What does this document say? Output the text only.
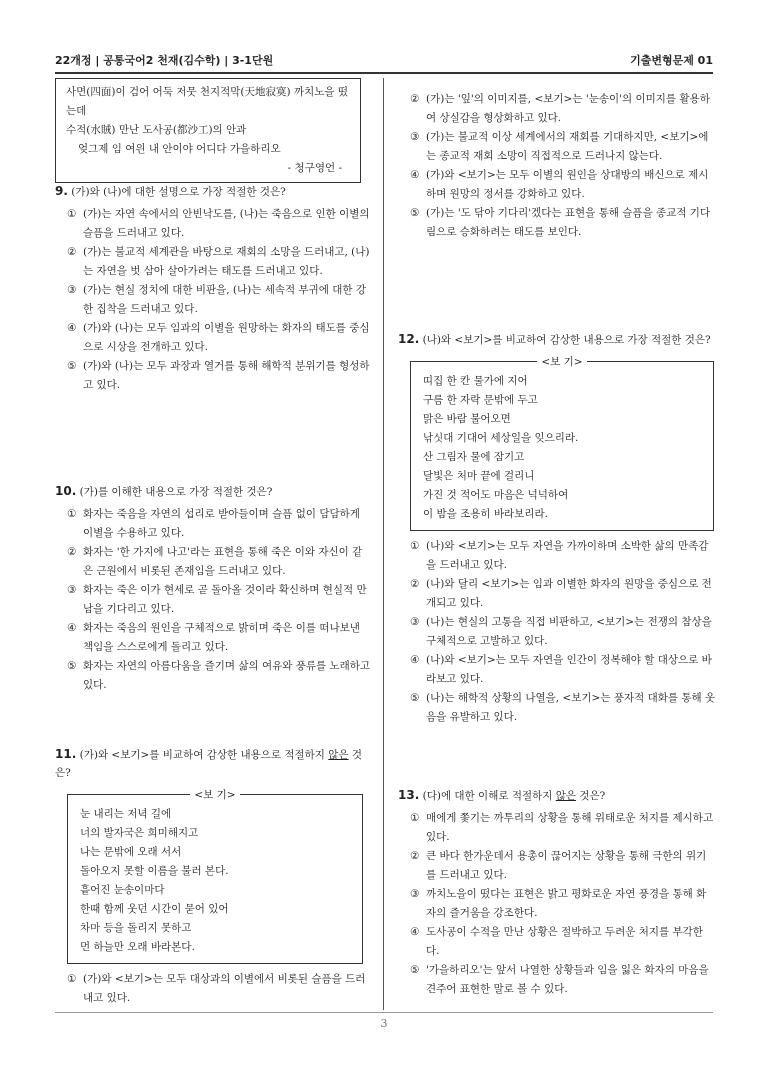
22개정 | 공통국어2 천재(김수학) | 3-1단원	기출변형문제 01
사면(四面)이 검어 어둑 저뭇 천지적막(天地寂寞) 까치노을 떴는데
수적(水賊) 만난 도사공(都沙工)의 안과
엊그제 임 여읜 내 안이야 어디다 가을하리오
- 청구영언 -
9. (가)와 (나)에 대한 설명으로 가장 적절한 것은?
① (가)는 자연 속에서의 안빈낙도를, (나)는 죽음으로 인한 이별의 슬픔을 드러내고 있다.
② (가)는 불교적 세계관을 바탕으로 재회의 소망을 드러내고, (나)는 자연을 벗 삼아 살아가려는 태도를 드러내고 있다.
③ (가)는 현실 정치에 대한 비판을, (나)는 세속적 부귀에 대한 강한 집착을 드러내고 있다.
④ (가)와 (나)는 모두 임과의 이별을 원망하는 화자의 태도를 중심으로 시상을 전개하고 있다.
⑤ (가)와 (나)는 모두 과장과 열거를 통해 해학적 분위기를 형성하고 있다.
10. (가)를 이해한 내용으로 가장 적절한 것은?
① 화자는 죽음을 자연의 섭리로 받아들이며 슬픔 없이 담담하게 이별을 수용하고 있다.
② 화자는 '한 가지에 나고'라는 표현을 통해 죽은 이와 자신이 같은 근원에서 비롯된 존재임을 드러내고 있다.
③ 화자는 죽은 이가 현세로 곧 돌아올 것이라 확신하며 현실적 만남을 기다리고 있다.
④ 화자는 죽음의 원인을 구체적으로 밝히며 죽은 이를 떠나보낸 책임을 스스로에게 돌리고 있다.
⑤ 화자는 자연의 아름다움을 즐기며 삶의 여유와 풍류를 노래하고 있다.
11. (가)와 <보기>를 비교하여 감상한 내용으로 적절하지 않은 것은?
<보 기>
눈 내리는 저녁 길에
너의 발자국은 희미해지고
나는 문밖에 오래 서서
돌아오지 못할 이름을 불러 본다.
흩어진 눈송이마다
한때 함께 웃던 시간이 묻어 있어
차마 등을 돌리지 못하고
먼 하늘만 오래 바라본다.
① (가)와 <보기>는 모두 대상과의 이별에서 비롯된 슬픔을 드러내고 있다.
② (가)는 '잎'의 이미지를, <보기>는 '눈송이'의 이미지를 활용하여 상실감을 형상화하고 있다.
③ (가)는 불교적 이상 세계에서의 재회를 기대하지만, <보기>에는 종교적 재회 소망이 직접적으로 드러나지 않는다.
④ (가)와 <보기>는 모두 이별의 원인을 상대방의 배신으로 제시하며 원망의 정서를 강화하고 있다.
⑤ (가)는 '도 닦아 기다리'겠다는 표현을 통해 슬픔을 종교적 기다림으로 승화하려는 태도를 보인다.
12. (나)와 <보기>를 비교하여 감상한 내용으로 가장 적절한 것은?
<보 기>
띠집 한 칸 물가에 지어
구름 한 자락 문밖에 두고
맑은 바람 불어오면
낚싯대 기대어 세상일을 잊으리라.
산 그림자 물에 잠기고
달빛은 처마 끝에 걸리니
가진 것 적어도 마음은 넉넉하여
이 밤을 조용히 바라보리라.
① (나)와 <보기>는 모두 자연을 가까이하며 소박한 삶의 만족감을 드러내고 있다.
② (나)와 달리 <보기>는 임과 이별한 화자의 원망을 중심으로 전개되고 있다.
③ (나)는 현실의 고통을 직접 비판하고, <보기>는 전쟁의 참상을 구체적으로 고발하고 있다.
④ (나)와 <보기>는 모두 자연을 인간이 정복해야 할 대상으로 바라보고 있다.
⑤ (나)는 해학적 상황의 나열을, <보기>는 풍자적 대화를 통해 웃음을 유발하고 있다.
13. (다)에 대한 이해로 적절하지 않은 것은?
① 매에게 쫓기는 까투리의 상황을 통해 위태로운 처지를 제시하고 있다.
② 큰 바다 한가운데서 용총이 끊어지는 상황을 통해 극한의 위기를 드러내고 있다.
③ 까치노을이 떴다는 표현은 밝고 평화로운 자연 풍경을 통해 화자의 즐거움을 강조한다.
④ 도사공이 수적을 만난 상황은 절박하고 두려운 처지를 부각한다.
⑤ '가을하리오'는 앞서 나열한 상황들과 임을 잃은 화자의 마음을 견주어 표현한 말로 볼 수 있다.
3
